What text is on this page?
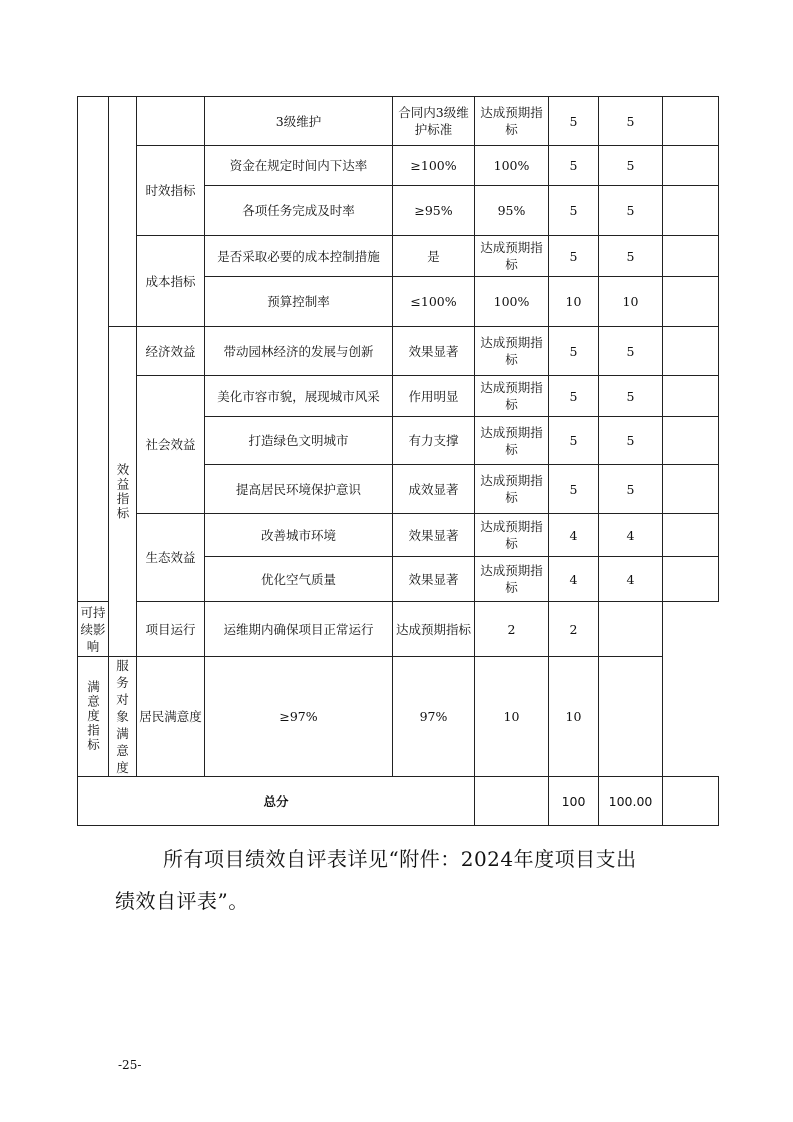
			3级维护	合同内3级维护标准	达成预期指标	5	5	
		时效指标	资金在规定时间内下达率	≥100%	100%	5	5	
			各项任务完成及时率	≥95%	95%	5	5	
		成本指标	是否采取必要的成本控制措施	是	达成预期指标	5	5	
			预算控制率	≤100%	100%	10	10	
	效益指标	经济效益	带动园林经济的发展与创新	效果显著	达成预期指标	5	5	
		社会效益	美化市容市貌，展现城市风采	作用明显	达成预期指标	5	5	
			打造绿色文明城市	有力支撑	达成预期指标	5	5	
			提高居民环境保护意识	成效显著	达成预期指标	5	5	
		生态效益	改善城市环境	效果显著	达成预期指标	4	4	
			优化空气质量	效果显著	达成预期指标	4	4	
可持续影响		项目运行	运维期内确保项目正常运行	达成预期指标	2	2		
满意度指标	服务对象满意度	居民满意度	≥97%	97%	10	10		
总分						100	100.00	
所有项目绩效自评表详见“附件：2024年度项目支出
绩效自评表”。
-25-
